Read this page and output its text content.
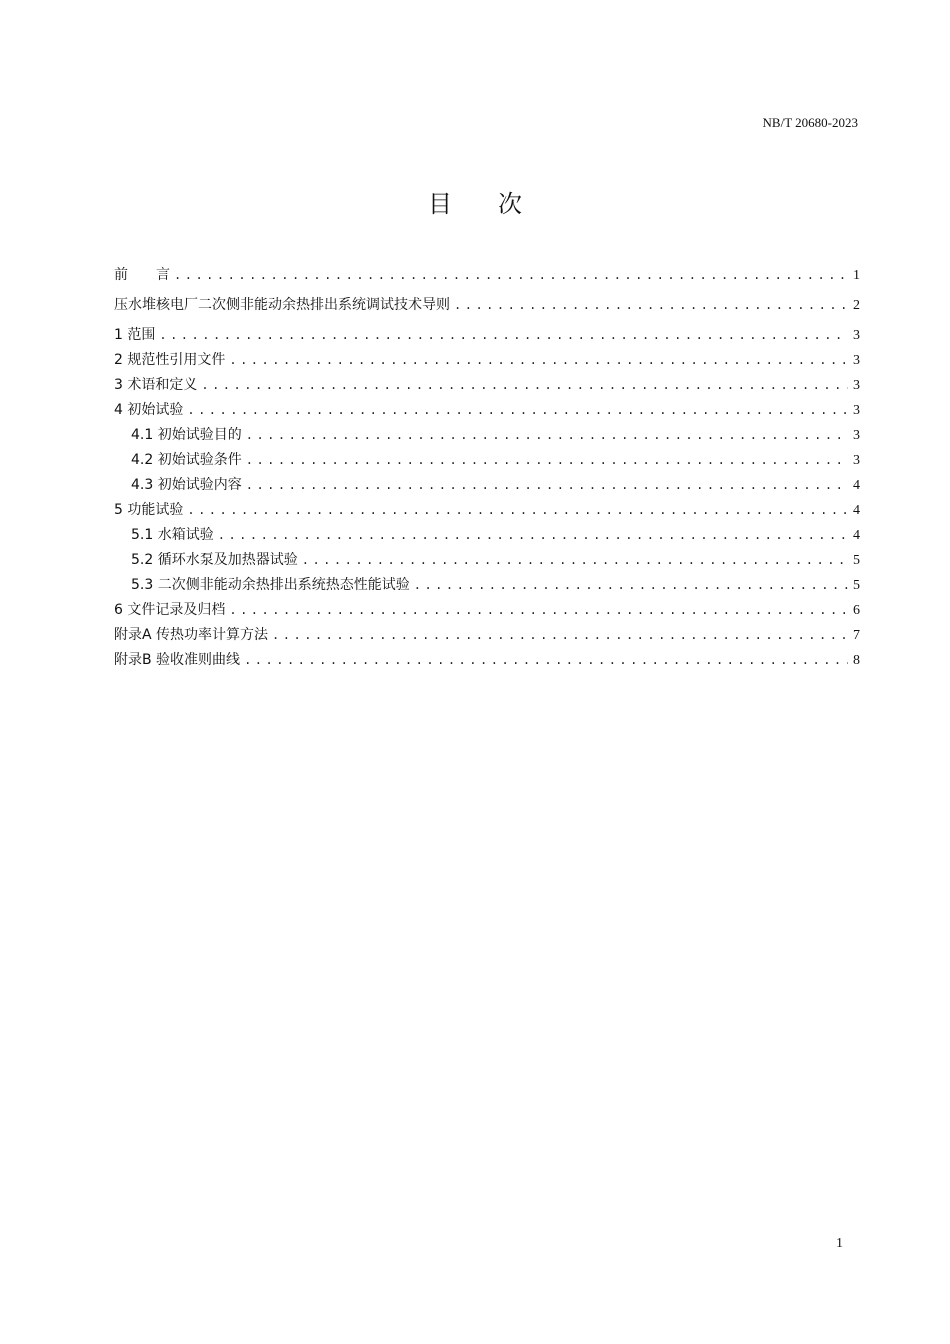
NB/T 20680-2023
目 次
前　　言 .....	1
压水堆核电厂二次侧非能动余热排出系统调试技术导则 .....	2
1 范围 .....	3
2 规范性引用文件 .....	3
3 术语和定义 .....	3
4 初始试验 .....	3
4.1 初始试验目的 .....	3
4.2 初始试验条件 .....	3
4.3 初始试验内容 .....	4
5 功能试验 .....	4
5.1 水箱试验 .....	4
5.2 循环水泵及加热器试验 .....	5
5.3 二次侧非能动余热排出系统热态性能试验 .....	5
6 文件记录及归档 .....	6
附录A 传热功率计算方法 .....	7
附录B 验收准则曲线 .....	8
1
